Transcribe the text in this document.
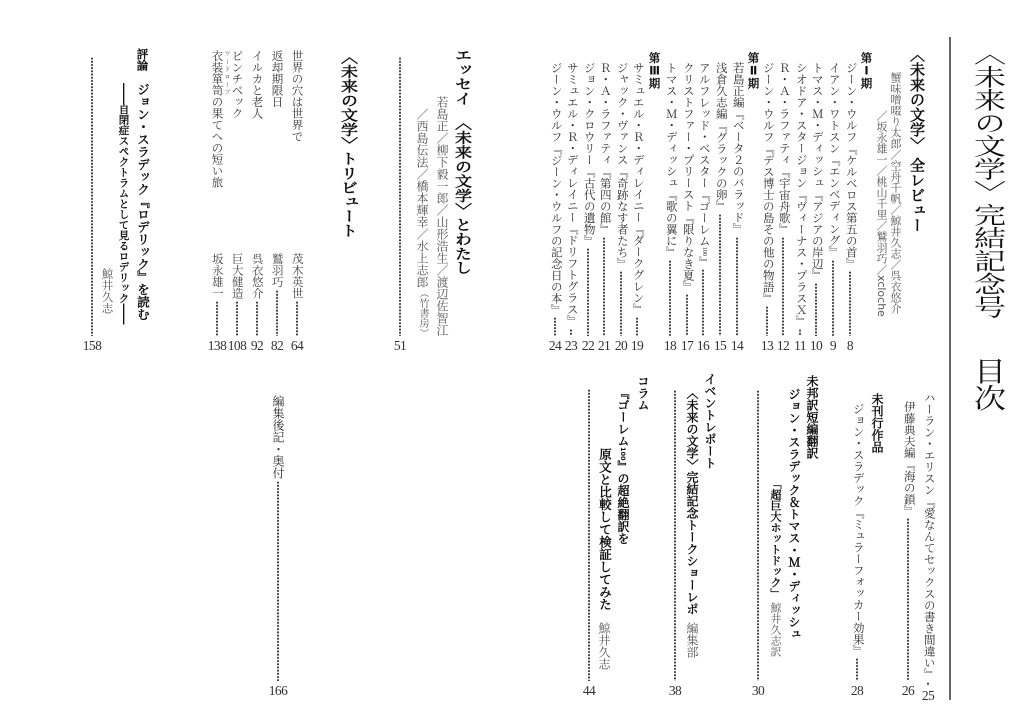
〈未来の文学〉完結記念号
目次
〈未来の文学〉 全レビュー
蟹味噌啜り太郎／空舟千帆／鯨井久志／呉衣悠介
／坂永雄一／桃山千里／鷲羽巧／xcloche
第Ⅰ期
ジーン・ウルフ
『ケルベロス第五の首』
8
イアン・ワトスン
『エンベディング』
9
トマス・Ｍ・ディッシュ
『アジアの岸辺』
10
シオドア・スタージョン
『ヴィーナス・プラスＸ』
11
Ｒ・Ａ・ラファティ
『宇宙舟歌』
12
ジーン・ウルフ
『デス博士の島その他の物語』
13
第Ⅱ期
若島正編
『ベータ２のバラッド』
14
浅倉久志編
『グラックの卵』
15
アルフレッド・ベスター
『ゴーレム100』
16
クリストファー・プリースト
『限りなき夏』
17
トマス・Ｍ・ディッシュ
『歌の翼に』
18
第Ⅲ期
サミュエル・Ｒ・ディレイニー
『ダークグレン』
19
ジャック・ヴァンス
『奇跡なす者たち』
20
Ｒ・Ａ・ラファティ
『第四の館』
21
ジョン・クロウリー
『古代の遺物』
22
サミュエル・Ｒ・ディレイニー
『ドリフトグラス』
23
ジーン・ウルフ
『ジーン・ウルフの記念日の本』
24
ハーラン・エリスン
『愛なんてセックスの書き間違い』
25
伊藤典夫編
『海の鎖』
26
未刊行作品
ジョン・スラデック
『ミュラーフォッカー効果』
28
未邦訳短編翻訳
ジョン・スラデック＆トマス・Ｍ・ディッシュ
「超巨大ホットドック」
鯨井久志訳
30
イベントレポート
〈未来の文学〉完結記念トークショーレポ
編集部
38
コラム
『ゴーレム100』の超絶翻訳を
原文と比較して検証してみた
鯨井久志
44
エッセイ〈未来の文学〉とわたし
若島正／柳下毅一郎／山形浩生／渡辺佐智江
／西島伝法／橋本輝幸／水上志郎（竹書房）
51
〈未来の文学〉トリビュート
世界の穴は世界で
茂木英世
64
返却期限日
鷲羽巧
82
イルカと老人
呉衣悠介
92
ピンチベック
巨大健造
108
衣装箪笥ワードローブの果てへの短い旅
坂永雄一
138
評論ジョン・スラデック『ロデリック』を読む
――自閉症スペクトラムとして見るロデリック――
鯨井久志
158
編集後記・奥付
166
